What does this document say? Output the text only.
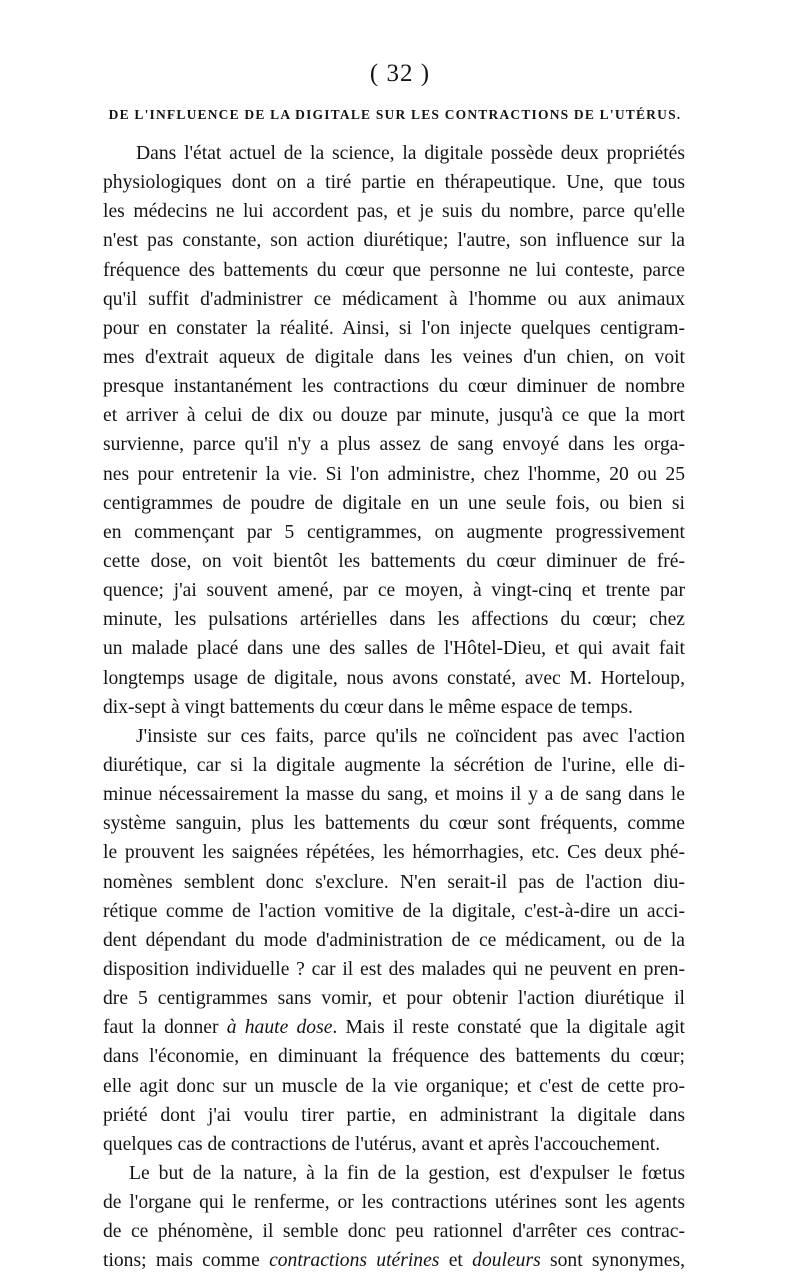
( 32 )
DE L'INFLUENCE DE LA DIGITALE SUR LES CONTRACTIONS DE L'UTÉRUS.
Dans l'état actuel de la science, la digitale possède deux propriétés
physiologiques dont on a tiré partie en thérapeutique. Une, que tous
les médecins ne lui accordent pas, et je suis du nombre, parce qu'elle
n'est pas constante, son action diurétique; l'autre, son influence sur la
fréquence des battements du cœur que personne ne lui conteste, parce
qu'il suffit d'administrer ce médicament à l'homme ou aux animaux
pour en constater la réalité. Ainsi, si l'on injecte quelques centigram-
mes d'extrait aqueux de digitale dans les veines d'un chien, on voit
presque instantanément les contractions du cœur diminuer de nombre
et arriver à celui de dix ou douze par minute, jusqu'à ce que la mort
survienne, parce qu'il n'y a plus assez de sang envoyé dans les orga-
nes pour entretenir la vie. Si l'on administre, chez l'homme, 20 ou 25
centigrammes de poudre de digitale en un une seule fois, ou bien si
en commençant par 5 centigrammes, on augmente progressivement
cette dose, on voit bientôt les battements du cœur diminuer de fré-
quence; j'ai souvent amené, par ce moyen, à vingt-cinq et trente par
minute, les pulsations artérielles dans les affections du cœur; chez
un malade placé dans une des salles de l'Hôtel-Dieu, et qui avait fait
longtemps usage de digitale, nous avons constaté, avec M. Horteloup,
dix-sept à vingt battements du cœur dans le même espace de temps.
J'insiste sur ces faits, parce qu'ils ne coïncident pas avec l'action
diurétique, car si la digitale augmente la sécrétion de l'urine, elle di-
minue nécessairement la masse du sang, et moins il y a de sang dans le
système sanguin, plus les battements du cœur sont fréquents, comme
le prouvent les saignées répétées, les hémorrhagies, etc. Ces deux phé-
nomènes semblent donc s'exclure. N'en serait-il pas de l'action diu-
rétique comme de l'action vomitive de la digitale, c'est-à-dire un acci-
dent dépendant du mode d'administration de ce médicament, ou de la
disposition individuelle ? car il est des malades qui ne peuvent en pren-
dre 5 centigrammes sans vomir, et pour obtenir l'action diurétique il
faut la donner à haute dose. Mais il reste constaté que la digitale agit
dans l'économie, en diminuant la fréquence des battements du cœur;
elle agit donc sur un muscle de la vie organique; et c'est de cette pro-
priété dont j'ai voulu tirer partie, en administrant la digitale dans
quelques cas de contractions de l'utérus, avant et après l'accouchement.
Le but de la nature, à la fin de la gestion, est d'expulser le fœtus
de l'organe qui le renferme, or les contractions utérines sont les agents
de ce phénomène, il semble donc peu rationnel d'arrêter ces contrac-
tions; mais comme contractions utérines et douleurs sont synonymes,
